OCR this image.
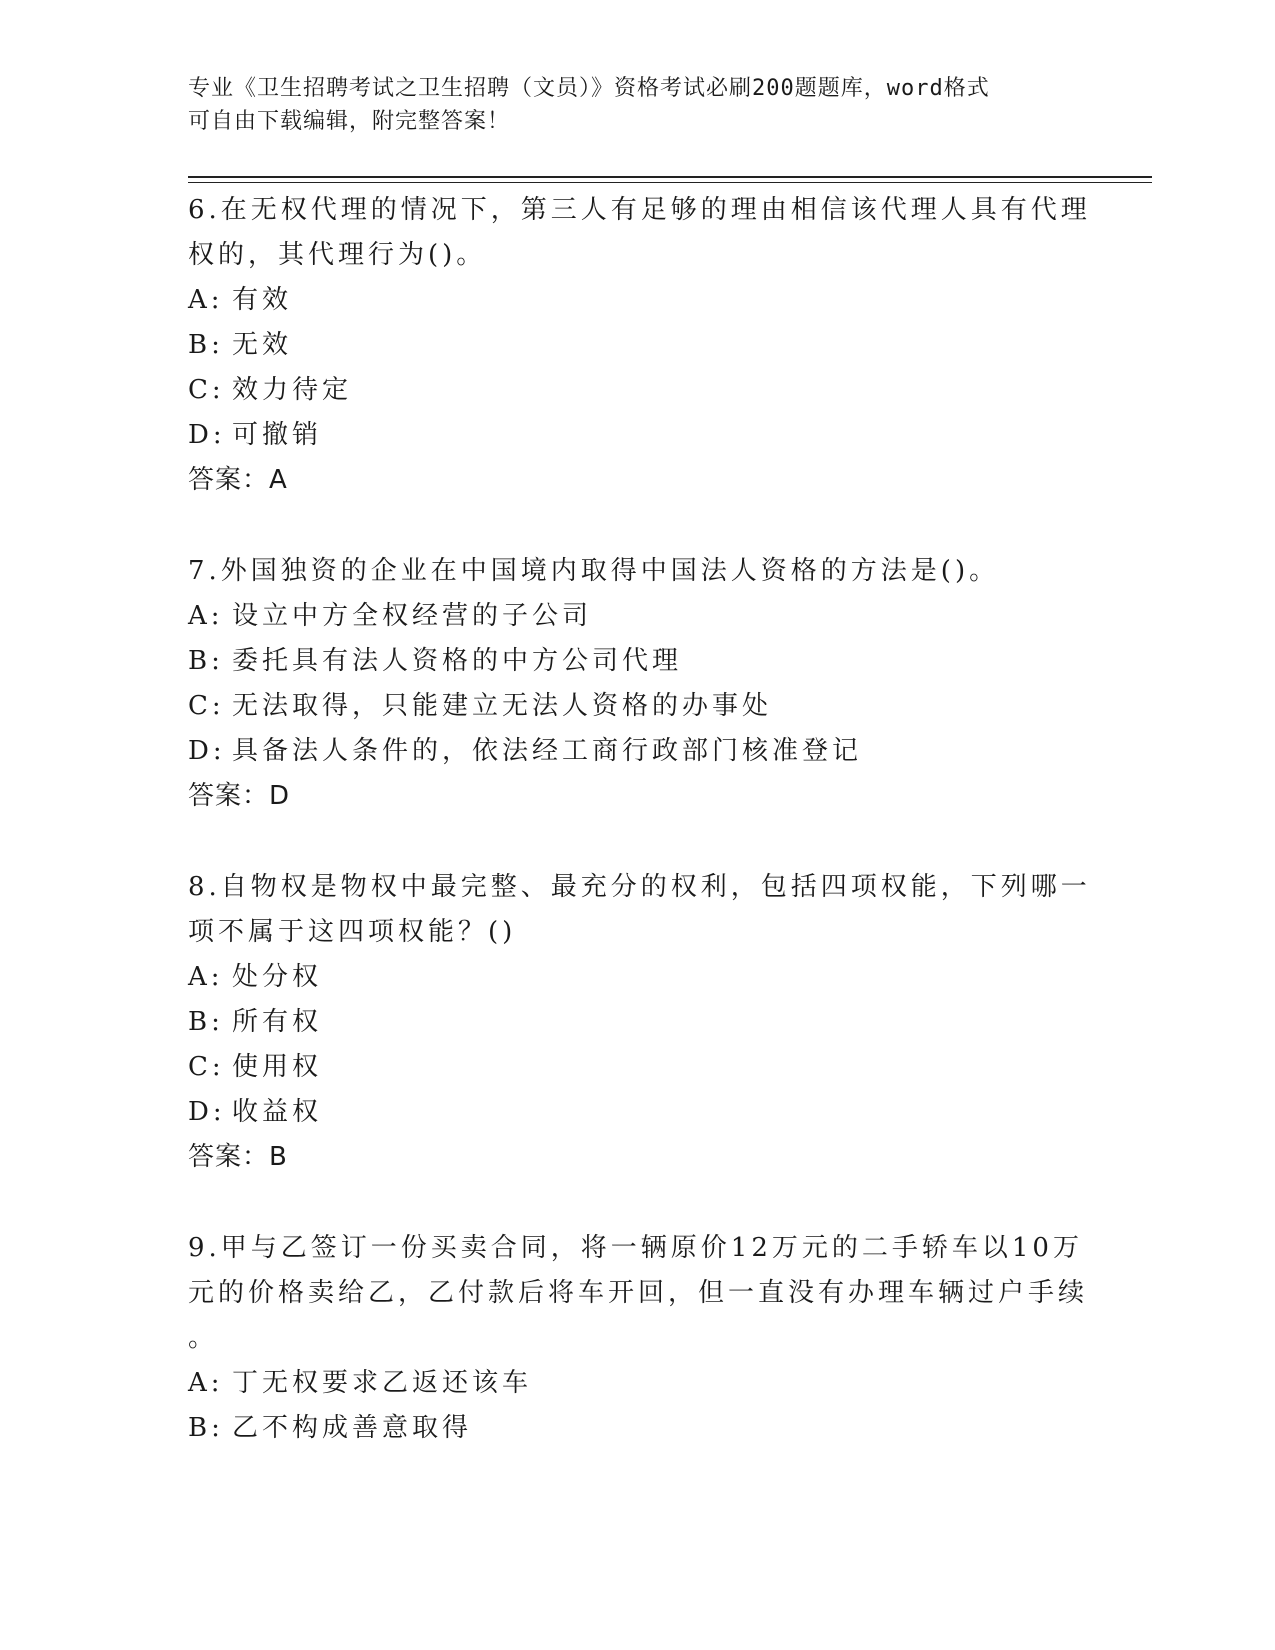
专业《卫生招聘考试之卫生招聘（文员）》资格考试必刷200题题库，word格式
可自由下载编辑，附完整答案！
6.在无权代理的情况下，第三人有足够的理由相信该代理人具有代理
权的，其代理行为()。
A: 有效
B: 无效
C: 效力待定
D: 可撤销
答案：A
7.外国独资的企业在中国境内取得中国法人资格的方法是()。
A: 设立中方全权经营的子公司
B: 委托具有法人资格的中方公司代理
C: 无法取得，只能建立无法人资格的办事处
D: 具备法人条件的，依法经工商行政部门核准登记
答案：D
8.自物权是物权中最完整、最充分的权利，包括四项权能，下列哪一
项不属于这四项权能？()
A: 处分权
B: 所有权
C: 使用权
D: 收益权
答案：B
9.甲与乙签订一份买卖合同，将一辆原价12万元的二手轿车以10万
元的价格卖给乙，乙付款后将车开回，但一直没有办理车辆过户手续
。
A: 丁无权要求乙返还该车
B: 乙不构成善意取得
